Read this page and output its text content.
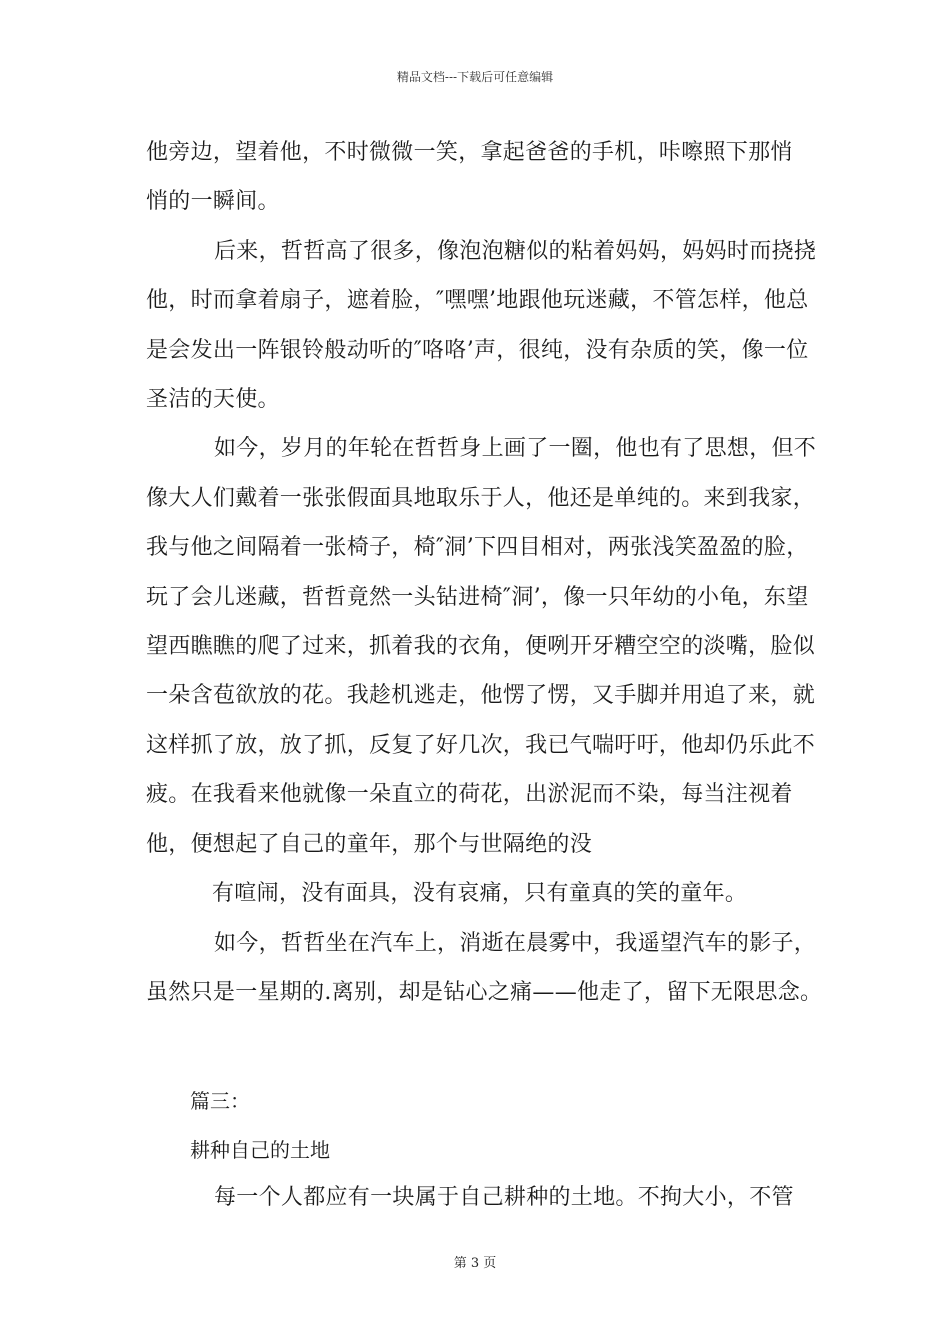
精品文档---下载后可任意编辑

他旁边，望着他，不时微微一笑，拿起爸爸的手机，咔嚓照下那悄

悄的一瞬间。

后来，哲哲高了很多，像泡泡糖似的粘着妈妈，妈妈时而挠挠他，时而拿着扇子，遮着脸，″嘿嘿’地跟他玩迷藏，不管怎样，他总是会发出一阵银铃般动听的″咯咯’声，很纯，没有杂质的笑，像一位圣洁的天使。

如今，岁月的年轮在哲哲身上画了一圈，他也有了思想，但不像大人们戴着一张张假面具地取乐于人，他还是单纯的。来到我家，我与他之间隔着一张椅子，椅″洞’下四目相对，两张浅笑盈盈的脸，玩了会儿迷藏，哲哲竟然一头钻进椅″洞’，像一只年幼的小龟，东望望西瞧瞧的爬了过来，抓着我的衣角，便咧开牙糟空空的淡嘴，脸似一朵含苞欲放的花。我趁机逃走，他愣了愣，又手脚并用追了来，就这样抓了放，放了抓，反复了好几次，我已气喘吁吁，他却仍乐此不疲。在我看来他就像一朵直立的荷花，出淤泥而不染，每当注视着他，便想起了自己的童年，那个与世隔绝的没

有喧闹，没有面具，没有哀痛，只有童真的笑的童年。

如今，哲哲坐在汽车上，消逝在晨雾中，我遥望汽车的影子，虽然只是一星期的.离别，却是钻心之痛——他走了，留下无限思念。

篇三：
耕种自己的土地
每一个人都应有一块属于自己耕种的土地。不拘大小，不管
第 3 页
